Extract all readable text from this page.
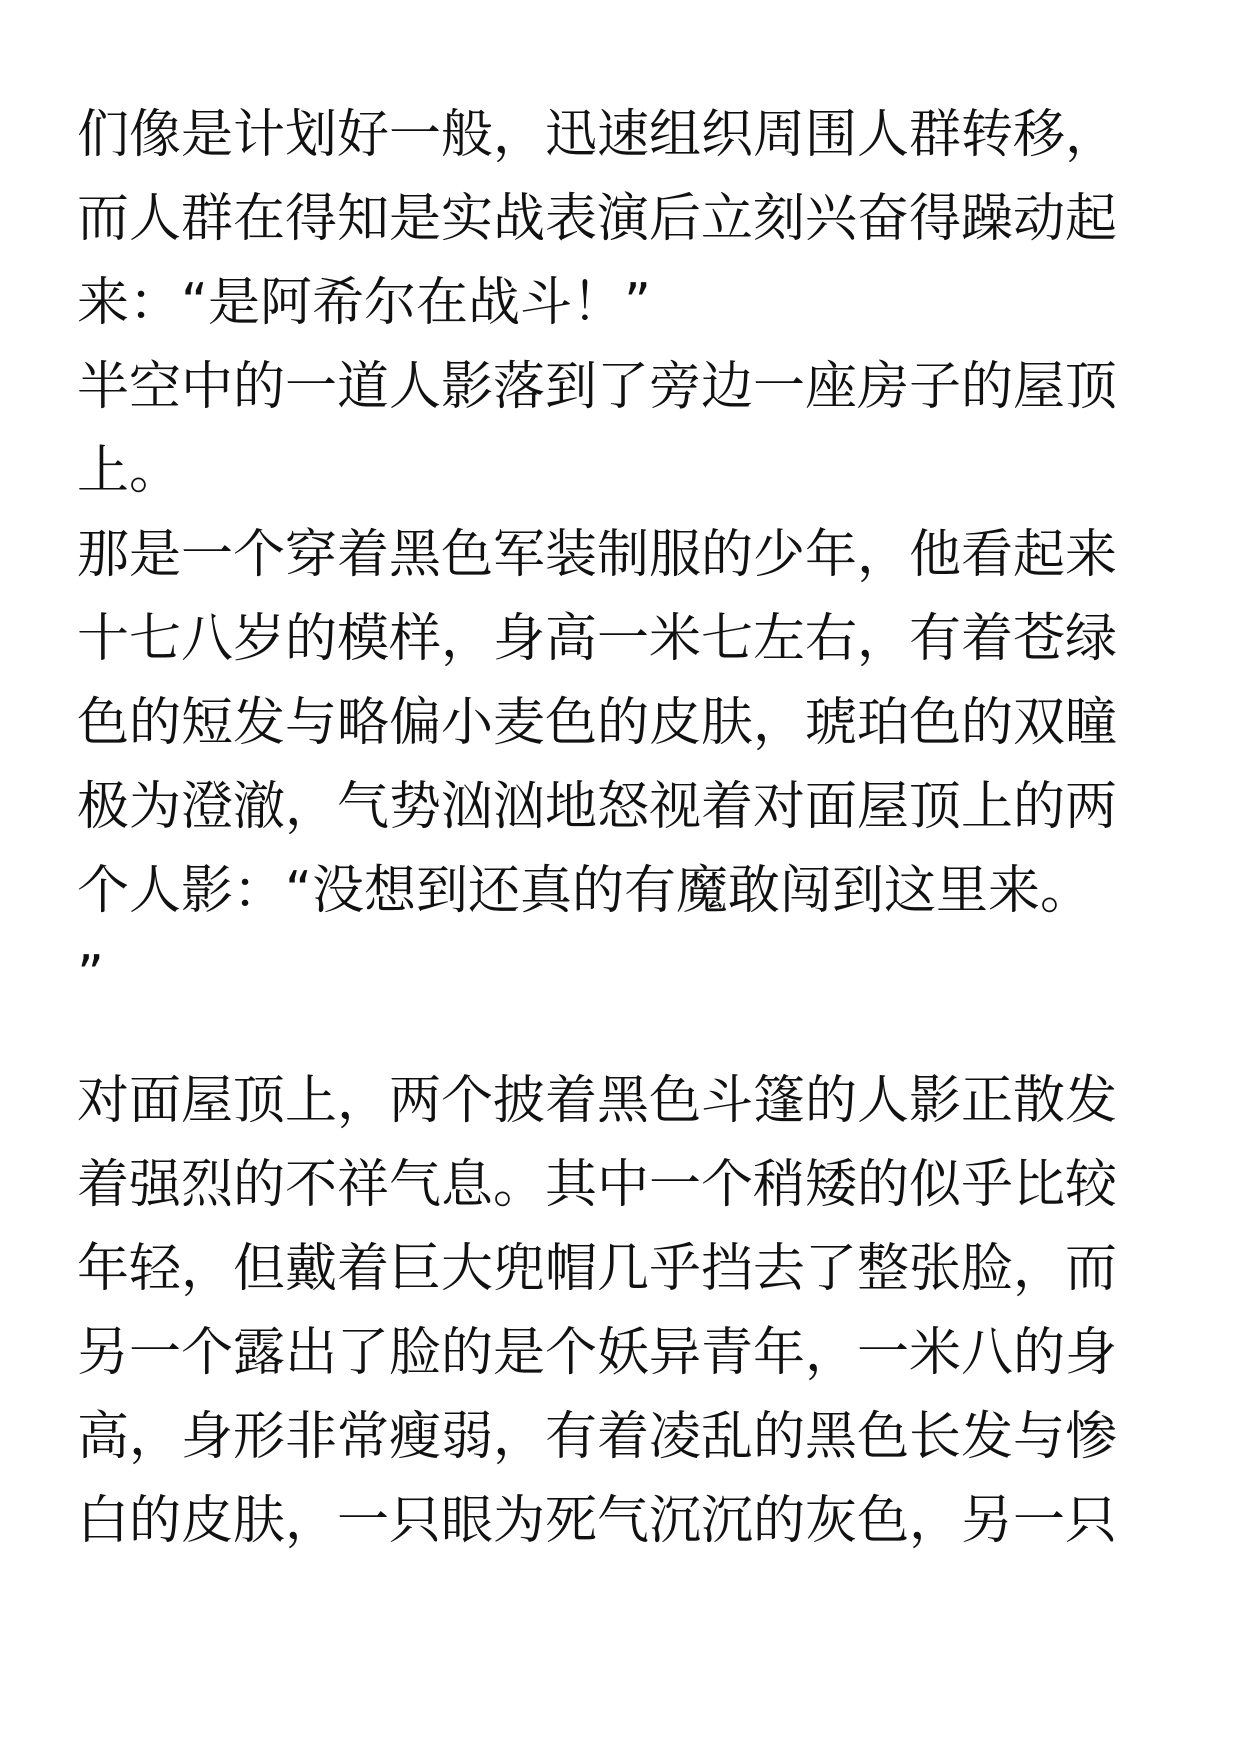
们像是计划好一般，迅速组织周围人群转移，
而人群在得知是实战表演后立刻兴奋得躁动起
来：“是阿希尔在战斗！”
半空中的一道人影落到了旁边一座房子的屋顶
上。
那是一个穿着黑色军装制服的少年，他看起来
十七八岁的模样，身高一米七左右，有着苍绿
色的短发与略偏小麦色的皮肤，琥珀色的双瞳
极为澄澈，气势汹汹地怒视着对面屋顶上的两
个人影：“没想到还真的有魔敢闯到这里来。
”
对面屋顶上，两个披着黑色斗篷的人影正散发
着强烈的不祥气息。其中一个稍矮的似乎比较
年轻，但戴着巨大兜帽几乎挡去了整张脸，而
另一个露出了脸的是个妖异青年，一米八的身
高，身形非常瘦弱，有着凌乱的黑色长发与惨
白的皮肤，一只眼为死气沉沉的灰色，另一只
